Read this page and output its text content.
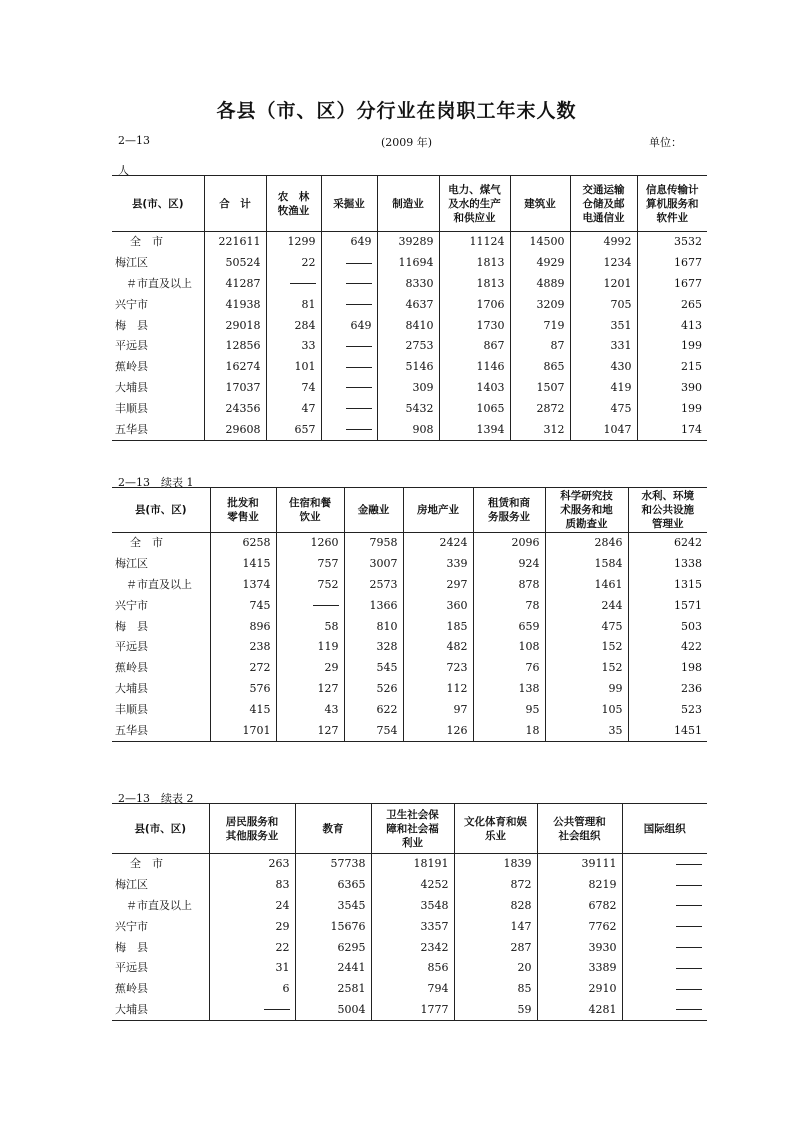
各县（市、区）分行业在岗职工年末人数
2—13	(2009 年)	单位：
人
县(市、区)	合　计	农　林
牧渔业	采掘业	制造业	电力、煤气
及水的生产
和供应业	建筑业	交通运输
仓储及邮
电通信业	信息传输计
算机服务和
软件业
全　市	221611	1299	649	39289	11124	14500	4992	3532
梅江区	50524	22		11694	1813	4929	1234	1677
＃市直及以上	41287			8330	1813	4889	1201	1677
兴宁市	41938	81		4637	1706	3209	705	265
梅　县	29018	284	649	8410	1730	719	351	413
平远县	12856	33		2753	867	87	331	199
蕉岭县	16274	101		5146	1146	865	430	215
大埔县	17037	74		309	1403	1507	419	390
丰顺县	24356	47		5432	1065	2872	475	199
五华县	29608	657		908	1394	312	1047	174
2—13　续表 1
县(市、区)	批发和
零售业	住宿和餐
饮业	金融业	房地产业	租赁和商
务服务业	科学研究技
术服务和地
质勘查业	水利、环境
和公共设施
管理业
全　市	6258	1260	7958	2424	2096	2846	6242
梅江区	1415	757	3007	339	924	1584	1338
＃市直及以上	1374	752	2573	297	878	1461	1315
兴宁市	745		1366	360	78	244	1571
梅　县	896	58	810	185	659	475	503
平远县	238	119	328	482	108	152	422
蕉岭县	272	29	545	723	76	152	198
大埔县	576	127	526	112	138	99	236
丰顺县	415	43	622	97	95	105	523
五华县	1701	127	754	126	18	35	1451
2—13　续表 2
县(市、区)	居民服务和
其他服务业	教育	卫生社会保
障和社会福
利业	文化体育和娱
乐业	公共管理和
社会组织	国际组织
全　市	263	57738	18191	1839	39111	
梅江区	83	6365	4252	872	8219	
＃市直及以上	24	3545	3548	828	6782	
兴宁市	29	15676	3357	147	7762	
梅　县	22	6295	2342	287	3930	
平远县	31	2441	856	20	3389	
蕉岭县	6	2581	794	85	2910	
大埔县		5004	1777	59	4281	
